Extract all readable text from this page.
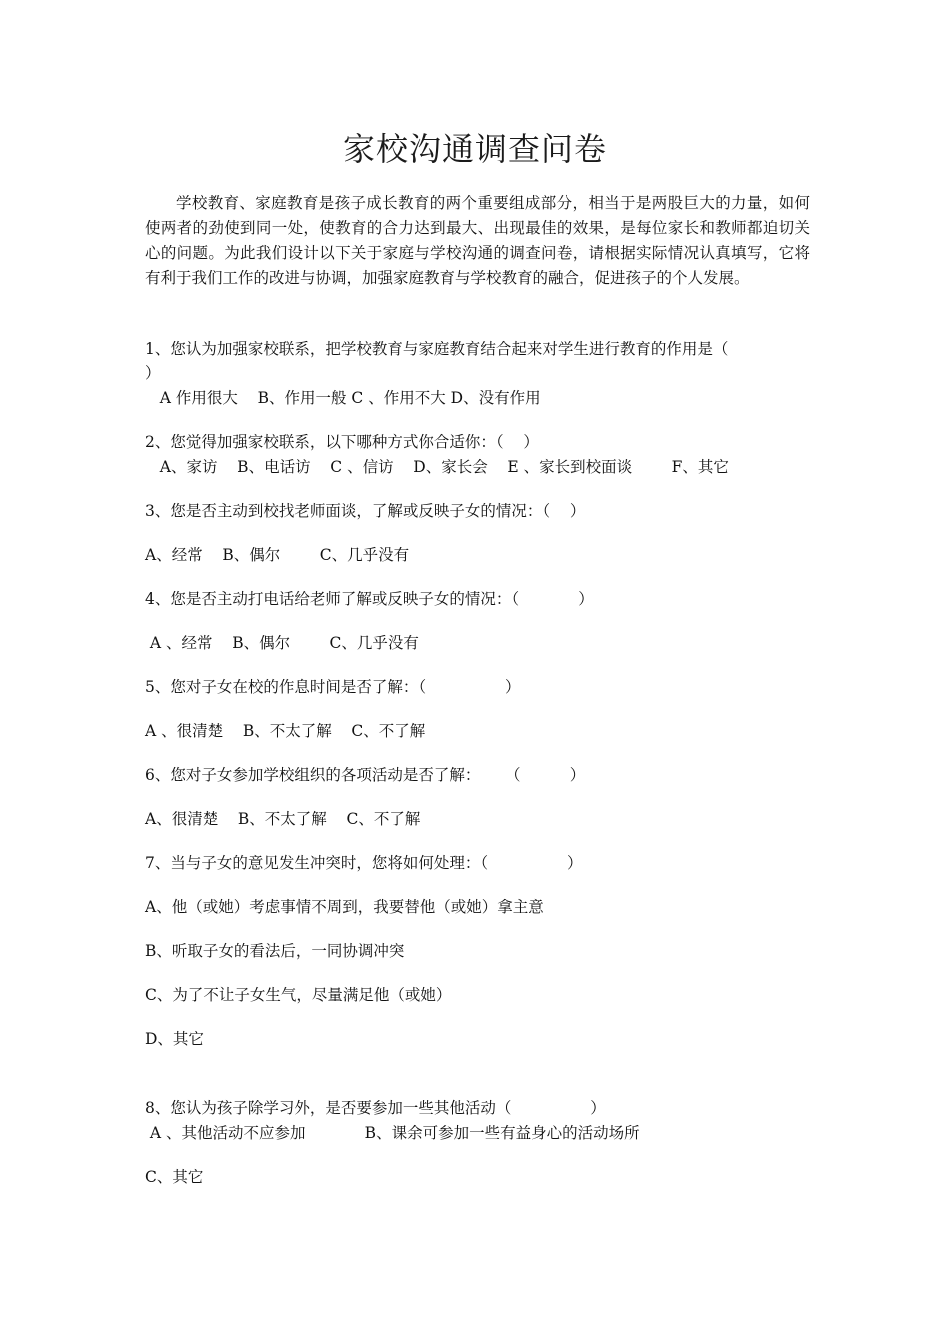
家校沟通调查问卷
学校教育、家庭教育是孩子成长教育的两个重要组成部分，相当于是两股巨大的力量，如何使两者的劲使到同一处，使教育的合力达到最大、出现最佳的效果，是每位家长和教师都迫切关心的问题。为此我们设计以下关于家庭与学校沟通的调查问卷，请根据实际情况认真填写，它将有利于我们工作的改进与协调，加强家庭教育与学校教育的融合，促进孩子的个人发展。
1、您认为加强家校联系，把学校教育与家庭教育结合起来对学生进行教育的作用是（
）
A 作用很大    B、作用一般 C 、作用不大 D、没有作用
2、您觉得加强家校联系，以下哪种方式你合适你：（    ）
A、家访    B、电话访    C 、信访    D、家长会    E 、家长到校面谈        F、其它
3、您是否主动到校找老师面谈，了解或反映子女的情况：（    ）
A、经常    B、偶尔        C、几乎没有
4、您是否主动打电话给老师了解或反映子女的情况：（            ）
A 、经常    B、偶尔        C、几乎没有
5、您对子女在校的作息时间是否了解：（                ）
A 、很清楚    B、不太了解    C、不了解
6、您对子女参加学校组织的各项活动是否了解：     （          ）
A、很清楚    B、不太了解    C、不了解
7、当与子女的意见发生冲突时，您将如何处理：（                ）
A、他（或她）考虑事情不周到，我要替他（或她）拿主意
B、听取子女的看法后，一同协调冲突
C、为了不让子女生气，尽量满足他（或她）
D、其它
8、您认为孩子除学习外，是否要参加一些其他活动（                ）
A 、其他活动不应参加            B、课余可参加一些有益身心的活动场所
C、其它
